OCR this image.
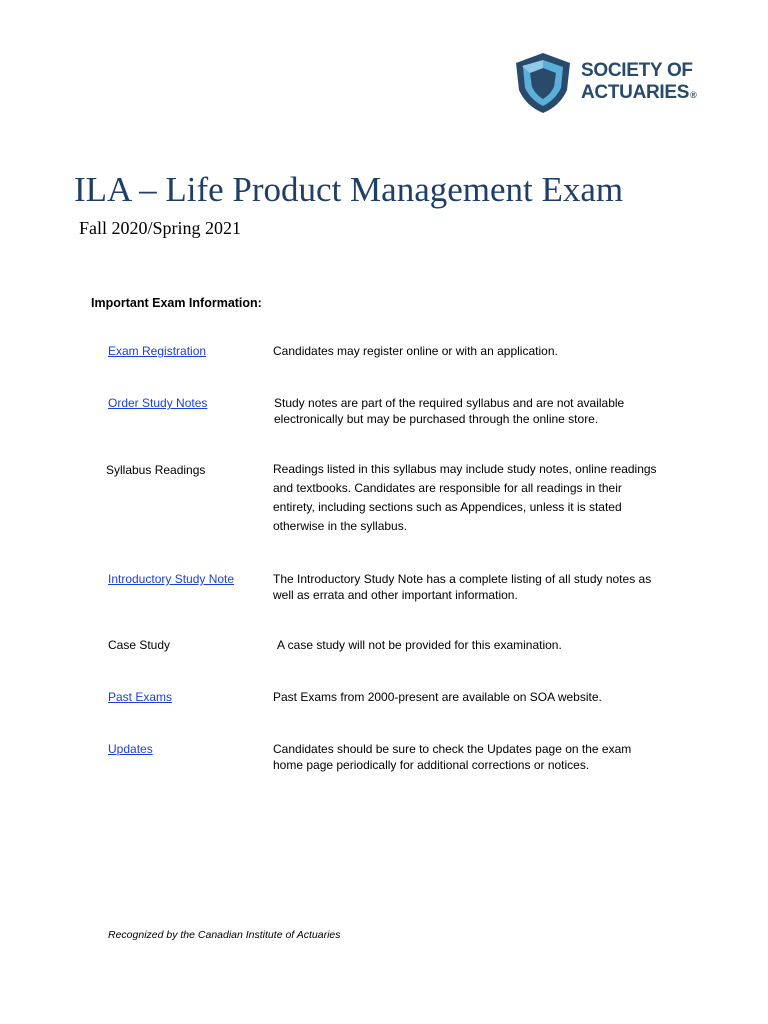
SOCIETY OF
ACTUARIES®
ILA – Life Product Management Exam

Fall 2020/Spring 2021

Important Exam Information:

Exam Registration	Candidates may register online or with an application.
Order Study Notes	Study notes are part of the required syllabus and are not available electronically but may be purchased through the online store.
Syllabus Readings	Readings listed in this syllabus may include study notes, online readings and textbooks. Candidates are responsible for all readings in their entirety, including sections such as Appendices, unless it is stated otherwise in the syllabus.
Introductory Study Note	The Introductory Study Note has a complete listing of all study notes as well as errata and other important information.
Case Study	A case study will not be provided for this examination.
Past Exams	Past Exams from 2000-present are available on SOA website.
Updates	Candidates should be sure to check the Updates page on the exam home page periodically for additional corrections or notices.

Recognized by the Canadian Institute of Actuaries
